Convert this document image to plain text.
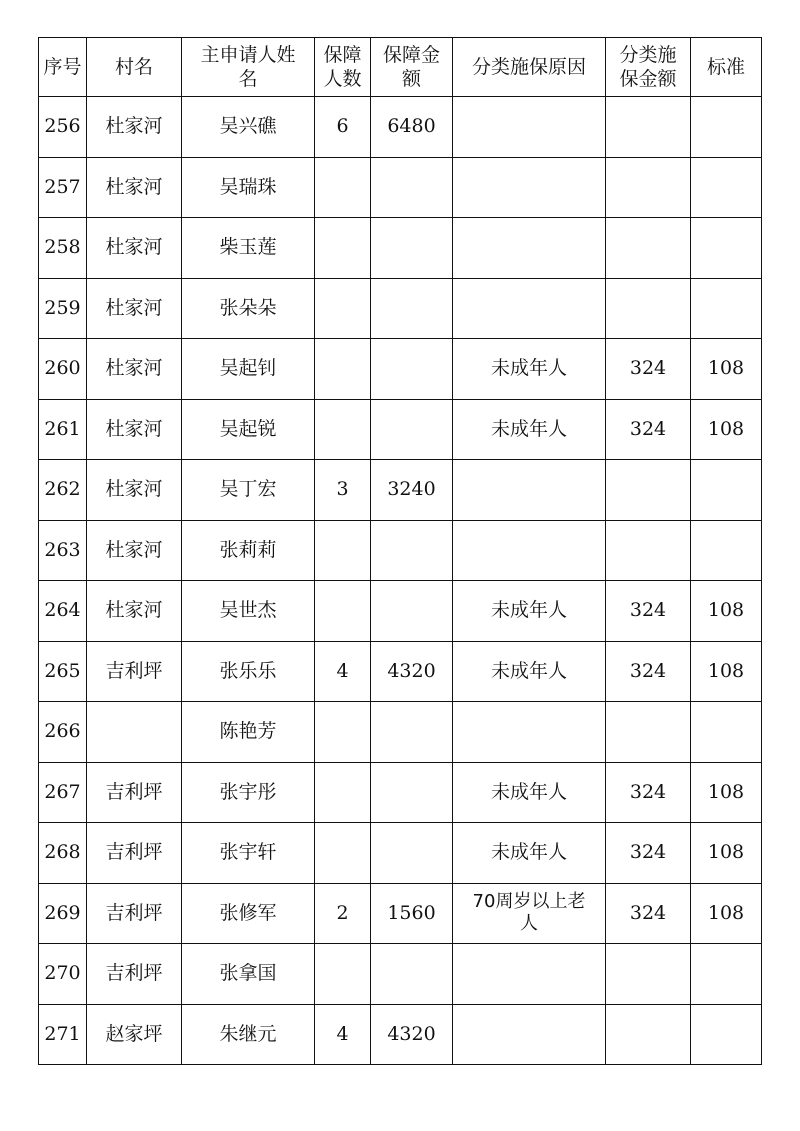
序号	村名	主申请人姓名	保障人数	保障金额	分类施保原因	分类施保金额	标准
256	杜家河	吴兴礁	6	6480			
257	杜家河	吴瑞珠					
258	杜家河	柴玉莲					
259	杜家河	张朵朵					
260	杜家河	吴起钊			未成年人	324	108
261	杜家河	吴起锐			未成年人	324	108
262	杜家河	吴丁宏	3	3240			
263	杜家河	张莉莉					
264	杜家河	吴世杰			未成年人	324	108
265	吉利坪	张乐乐	4	4320	未成年人	324	108
266		陈艳芳					
267	吉利坪	张宇彤			未成年人	324	108
268	吉利坪	张宇轩			未成年人	324	108
269	吉利坪	张修军	2	1560	70周岁以上老人	324	108
270	吉利坪	张拿国					
271	赵家坪	朱继元	4	4320			
